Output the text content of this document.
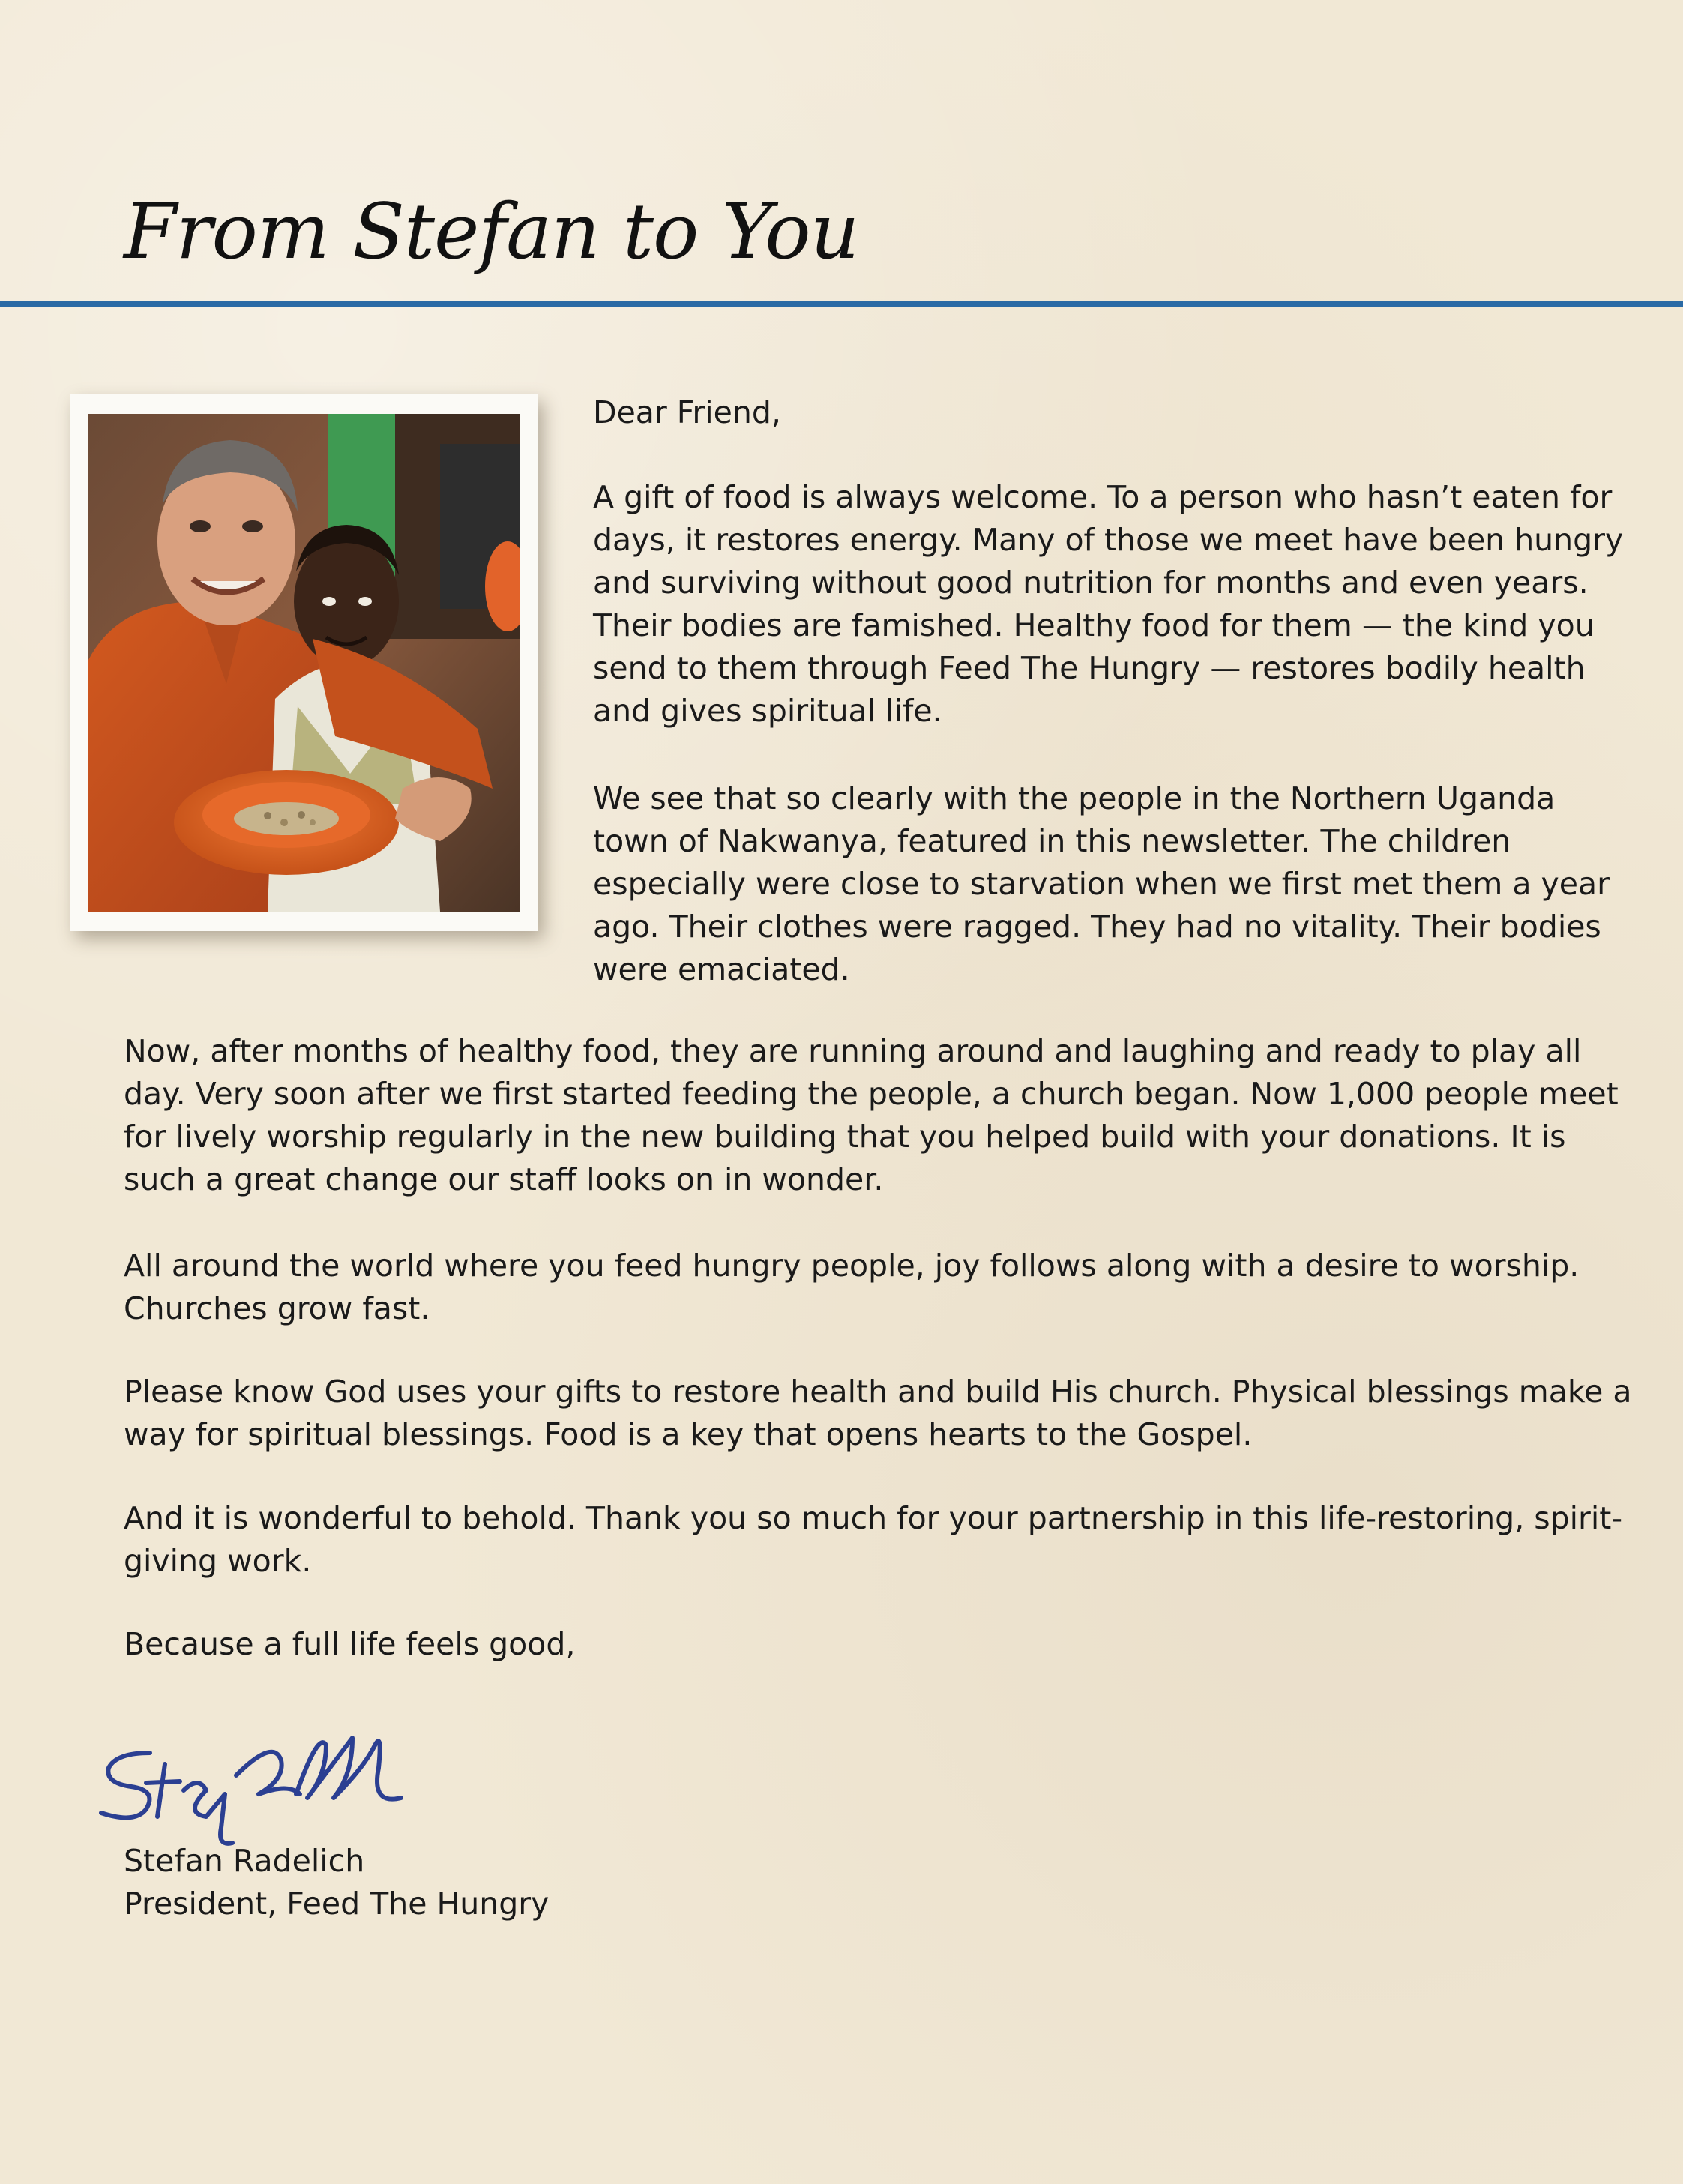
From Stefan to You

Dear Friend,

A gift of food is always welcome. To a person who hasn’t eaten for
days, it restores energy. Many of those we meet have been hungry
and surviving without good nutrition for months and even years.
Their bodies are famished. Healthy food for them — the kind you
send to them through Feed The Hungry — restores bodily health
and gives spiritual life.

We see that so clearly with the people in the Northern Uganda
town of Nakwanya, featured in this newsletter. The children
especially were close to starvation when we first met them a year
ago. Their clothes were ragged. They had no vitality. Their bodies
were emaciated.

Now, after months of healthy food, they are running around and laughing and ready to play all
day. Very soon after we first started feeding the people, a church began. Now 1,000 people meet
for lively worship regularly in the new building that you helped build with your donations. It is
such a great change our staff looks on in wonder.

All around the world where you feed hungry people, joy follows along with a desire to worship.
Churches grow fast.

Please know God uses your gifts to restore health and build His church. Physical blessings make a
way for spiritual blessings. Food is a key that opens hearts to the Gospel.

And it is wonderful to behold. Thank you so much for your partnership in this life-restoring, spirit-
giving work.

Because a full life feels good,

Stefan Radelich

President, Feed The Hungry
